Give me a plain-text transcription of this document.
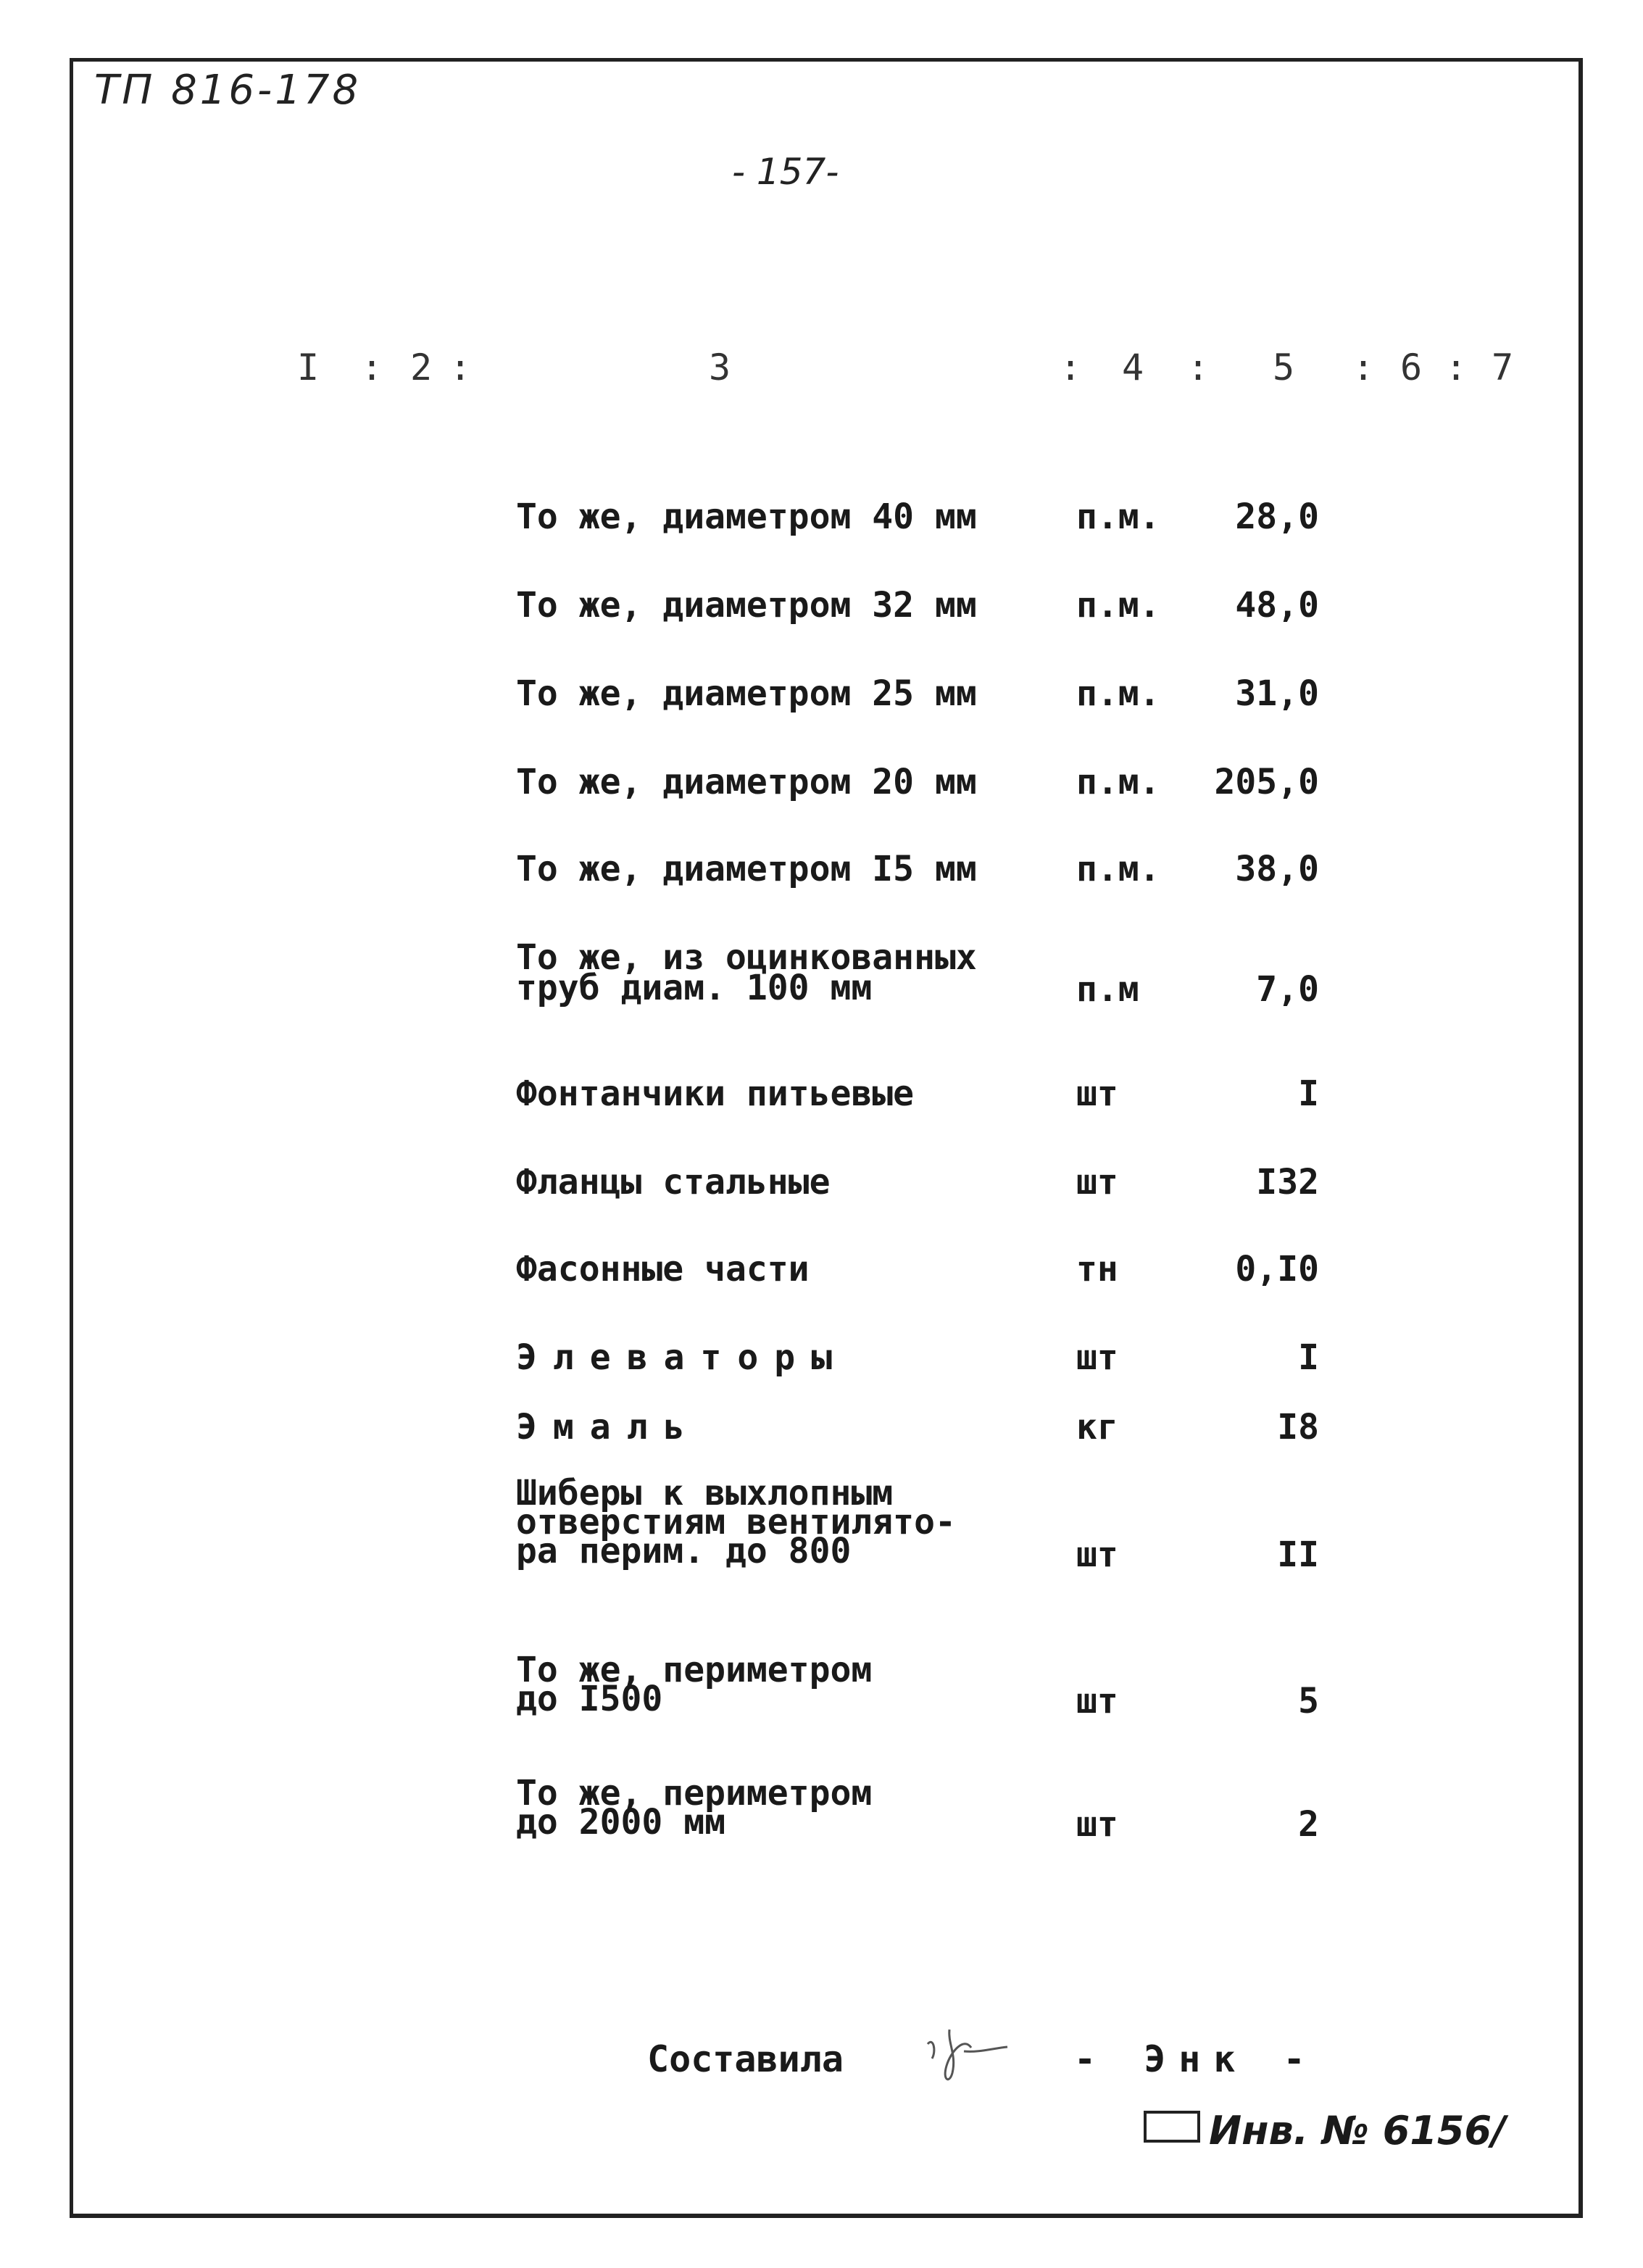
ТП 816-178
- 157-
I : 2 :	3	: 4 : 5 : 6 : 7
То же, диаметром 40 мм	п.м.	28,0
То же, диаметром 32 мм	п.м.	48,0
То же, диаметром 25 мм	п.м.	31,0
То же, диаметром 20 мм	п.м.	205,0
То же, диаметром I5 мм	п.м.	38,0
То же, из оцинкованных
труб диам. 100 мм	п.м	7,0
Фонтанчики питьевые	шт	I
Фланцы стальные	шт	I32
Фасонные части	тн	0,I0
Элеваторы	шт	I
Эмаль	кг	I8
Шиберы к выхлопным
отверстиям вентилято-
ра перим. до 800	шт	II
То же, периметром
до I500	шт	5
То же, периметром
до 2000 мм	шт	2
Составила	- Энк -
Инв. № 6156/
